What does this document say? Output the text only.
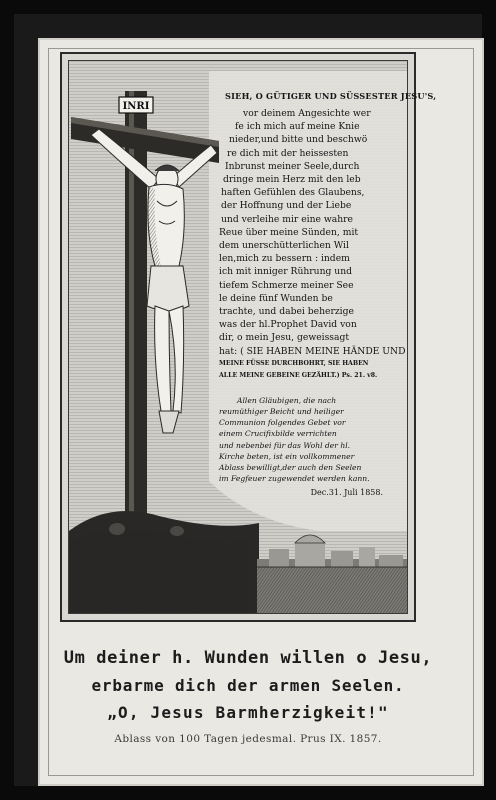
INRI
SIEH, O GÜTIGER UND SÜSSESTER JESU'S,
vor deinem Angesichte wer
fe ich mich auf meine Knie
nieder,und bitte und beschwö
re dich mit der heissesten
Inbrunst meiner Seele,durch
dringe mein Herz mit den leb
haften Gefühlen des Glaubens,
der Hoffnung und der Liebe
und verleihe mir eine wahre
Reue über meine Sünden, mit
dem unerschütterlichen Wil
len,mich zu bessern : indem
ich mit inniger Rührung und
tiefem Schmerze meiner See
le deine fünf Wunden be
trachte, und dabei beherzige
was der hl.Prophet David von
dir, o mein Jesu, geweissagt
hat: ( SIE HABEN MEINE HÄNDE UND
MEINE FÜSSE DURCHBOHRT, SIE HABEN
ALLE MEINE GEBEINE GEZÄHLT.) Ps. 21. v8.
Allen Gläubigen, die nach
reumüthiger Beicht und heiliger
Communion folgendes Gebet vor
einem Crucifixbilde verrichten
und nebenbei für das Wohl der hl.
Kirche beten, ist ein vollkommener
Ablass bewilligt,der auch den Seelen
im Fegfeuer zugewendet werden kann.
Dec.31. Juli 1858.
Um deiner h. Wunden willen o Jesu,
erbarme dich der armen Seelen.
„O, Jesus Barmherzigkeit!"
Ablass von 100 Tagen jedesmal. Prus IX. 1857.
